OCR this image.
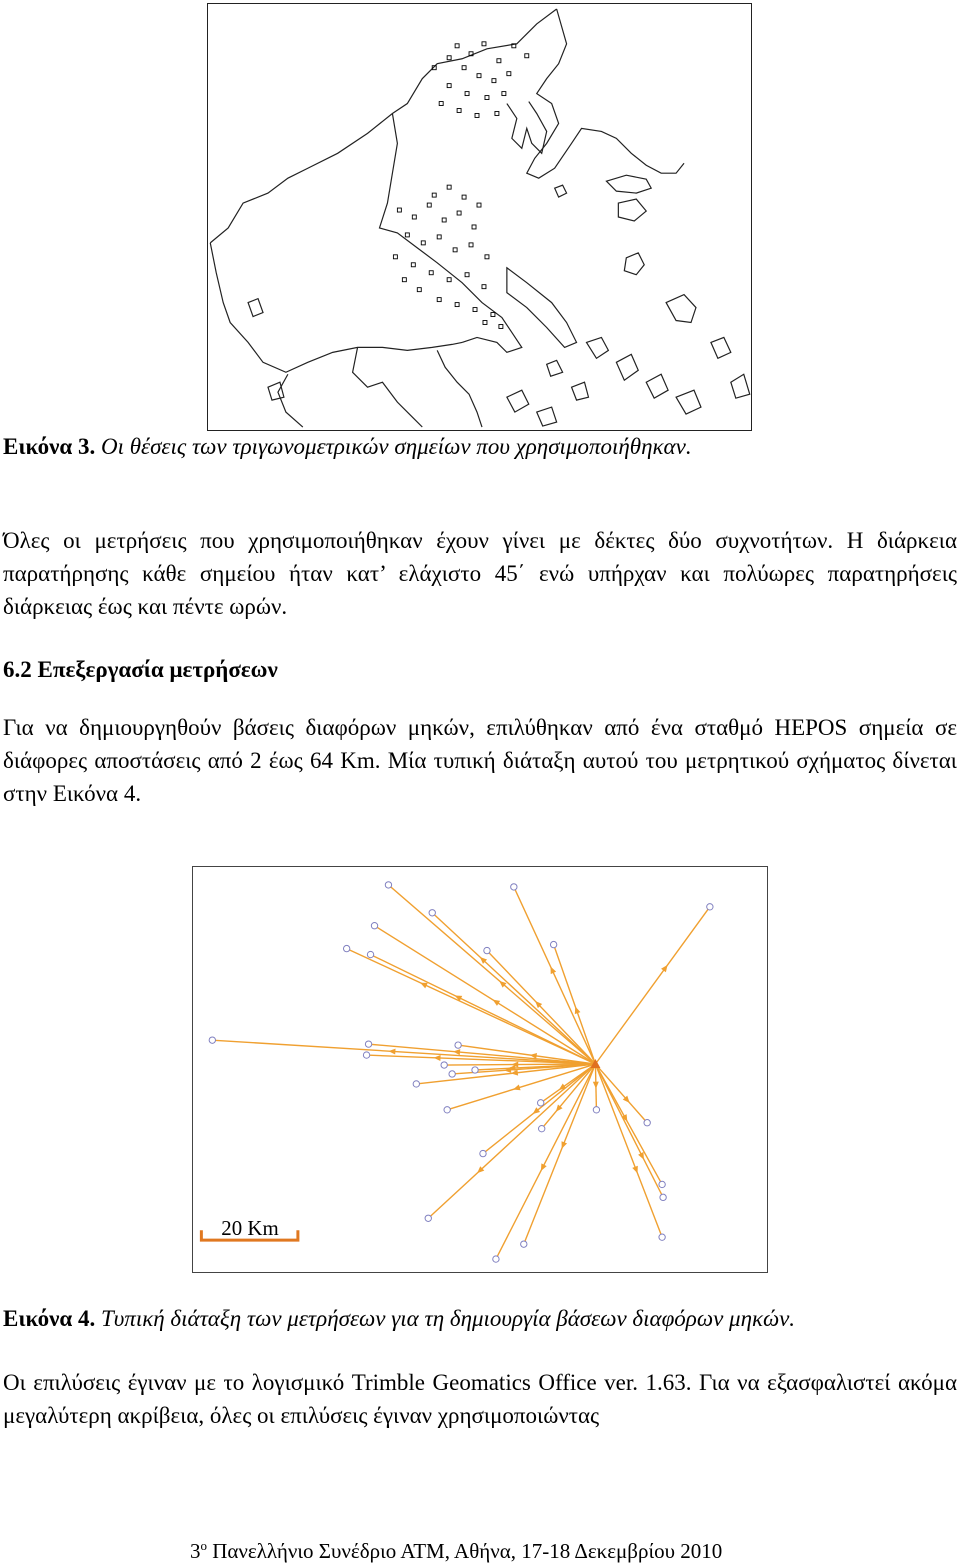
Εικόνα 3. Οι θέσεις των τριγωνομετρικών σημείων που χρησιμοποιήθηκαν.

Όλες οι μετρήσεις που χρησιμοποιήθηκαν έχουν γίνει με δέκτες δύο συχνοτήτων. Η διάρκεια παρατήρησης κάθε σημείου ήταν κατ’ ελάχιστο 45΄ ενώ υπήρχαν και πολύωρες παρατηρήσεις διάρκειας έως και πέντε ωρών.

6.2 Επεξεργασία μετρήσεων

Για να δημιουργηθούν βάσεις διαφόρων μηκών, επιλύθηκαν από ένα σταθμό HEPOS σημεία σε διάφορες αποστάσεις από 2 έως 64 Km. Μία τυπική διάταξη αυτού του μετρητικού σχήματος δίνεται στην Εικόνα 4.

20 Km
Εικόνα 4. Τυπική διάταξη των μετρήσεων για τη δημιουργία βάσεων διαφόρων μηκών.

Οι επιλύσεις έγιναν με το λογισμικό Trimble Geomatics Office ver. 1.63. Για να εξασφαλιστεί ακόμα μεγαλύτερη ακρίβεια, όλες οι επιλύσεις έγιναν χρησιμοποιώντας

$3^o$ Πανελλήνιο Συνέδριο ΑΤΜ, Αθήνα, 17-18 Δεκεμβρίου 2010
